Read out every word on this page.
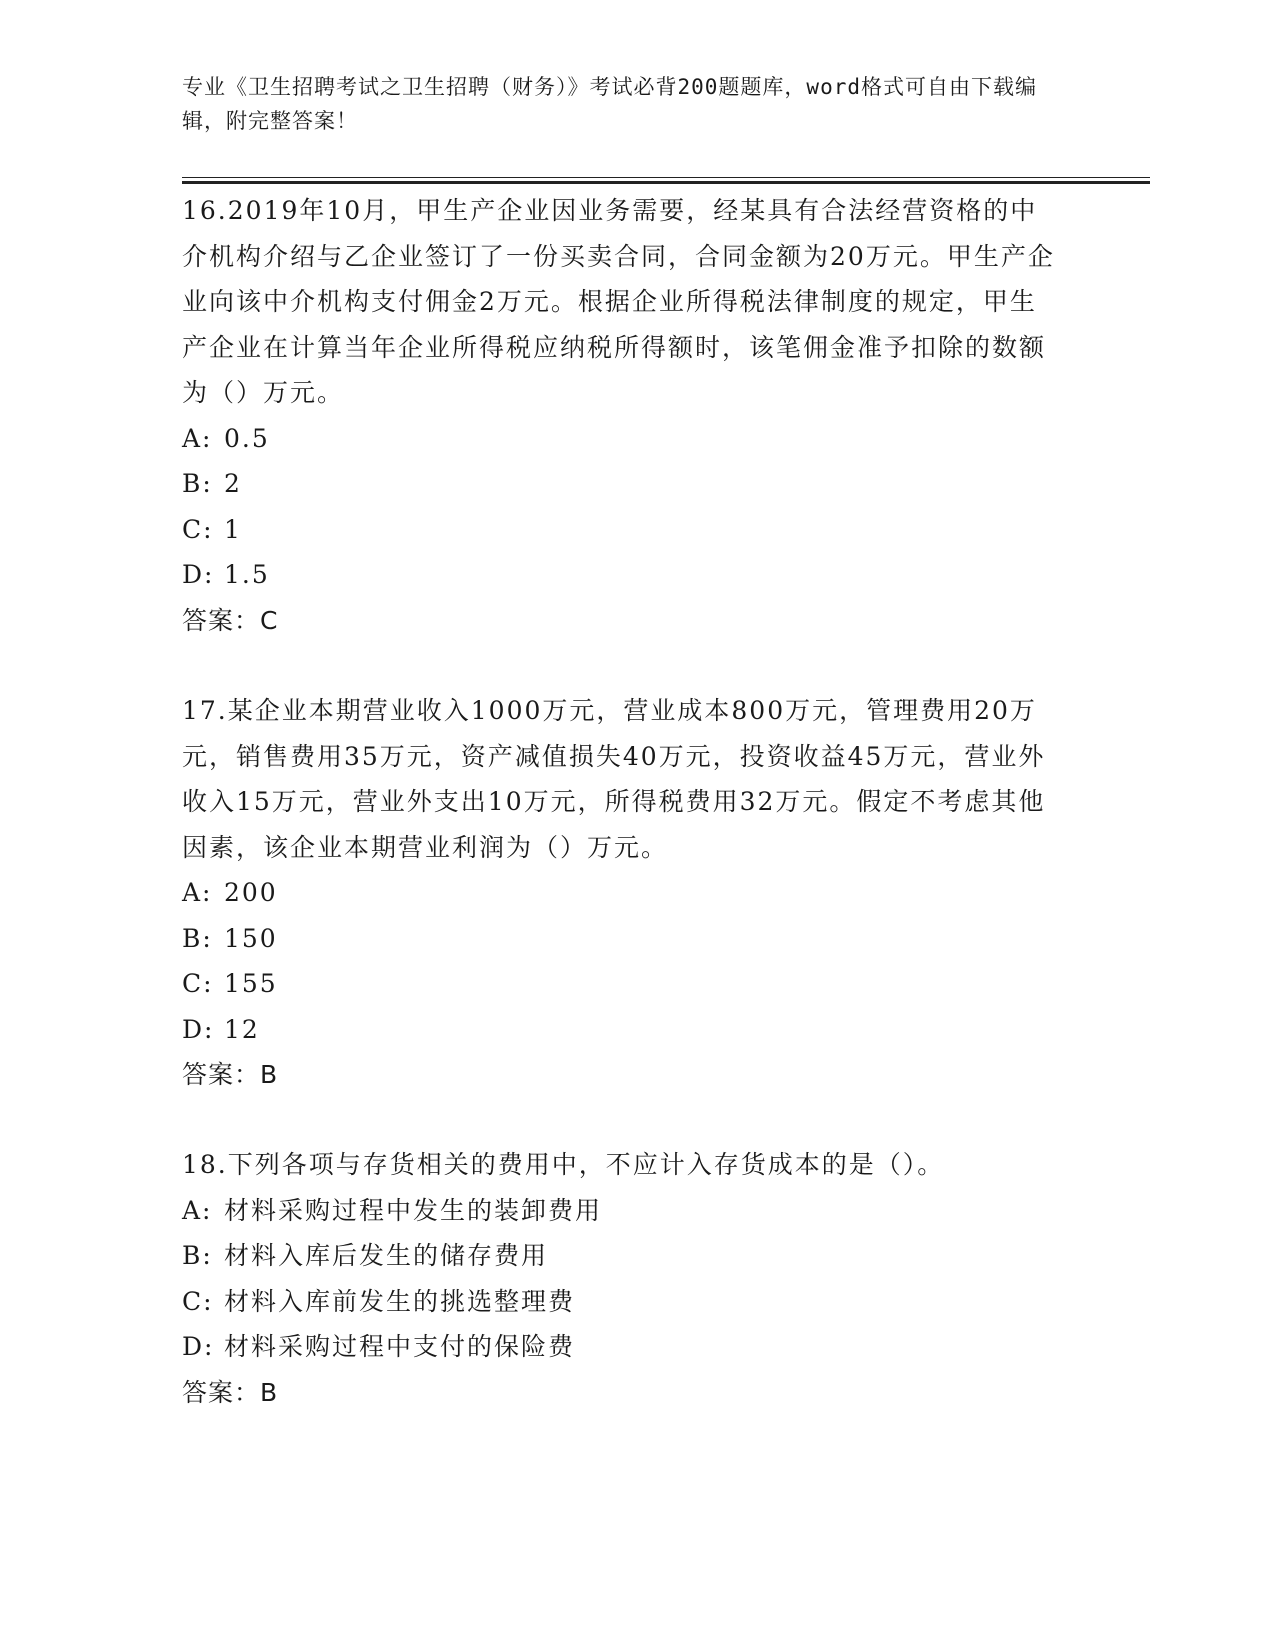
专业《卫生招聘考试之卫生招聘（财务）》考试必背200题题库，word格式可自由下载编辑，附完整答案！

16.2019年10月，甲生产企业因业务需要，经某具有合法经营资格的中介机构介绍与乙企业签订了一份买卖合同，合同金额为20万元。甲生产企业向该中介机构支付佣金2万元。根据企业所得税法律制度的规定，甲生产企业在计算当年企业所得税应纳税所得额时，该笔佣金准予扣除的数额为（）万元。

A: 0.5

B: 2

C: 1

D: 1.5

答案：C

17.某企业本期营业收入1000万元，营业成本800万元，管理费用20万元，销售费用35万元，资产减值损失40万元，投资收益45万元，营业外收入15万元，营业外支出10万元，所得税费用32万元。假定不考虑其他因素，该企业本期营业利润为（）万元。

A: 200

B: 150

C: 155

D: 12

答案：B

18.下列各项与存货相关的费用中，不应计入存货成本的是（）。

A: 材料采购过程中发生的装卸费用

B: 材料入库后发生的储存费用

C: 材料入库前发生的挑选整理费

D: 材料采购过程中支付的保险费

答案：B
